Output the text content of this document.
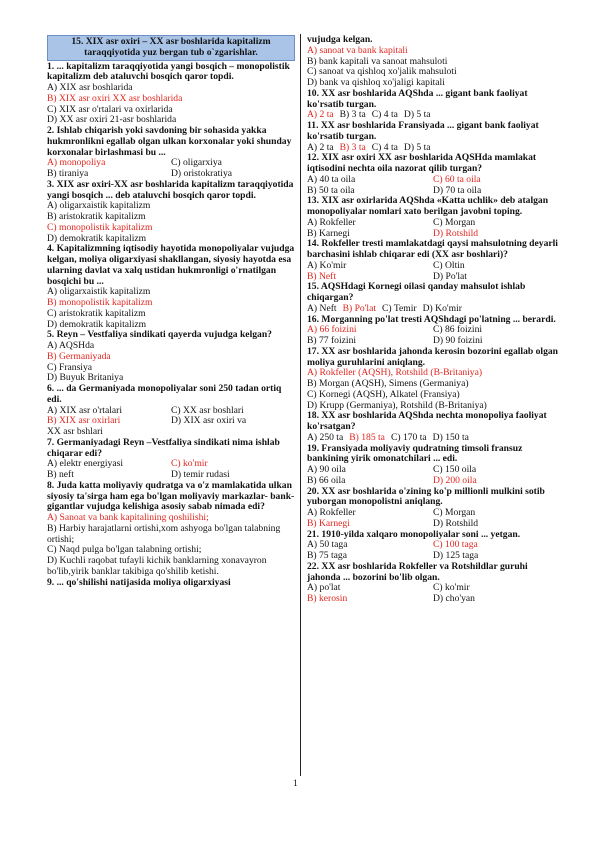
15. XIX asr oxiri – XX asr boshlarida kapitalizm
taraqqiyotida yuz bergan tub o`zgarishlar.
1. ... kapitalizm taraqqiyotida yangi bosqich – monopolistik kapitalizm deb ataluvchi bosqich qaror topdi.
A) XIX asr boshlarida
B) XIX asr oxiri XX asr boshlarida
C) XIX asr o'rtalari va oxirlarida
D) XX asr oxiri 21-asr boshlarida
2. Ishlab chiqarish yoki savdoning bir sohasida yakka hukmronlikni egallab olgan ulkan korxonalar yoki shunday korxonalar birlashmasi bu ...
A) monopoliya	C) oligarxiya
B) tiraniya	D) oristokratiya
3. XIX asr oxiri-XX asr boshlarida kapitalizm taraqqiyotida yangi bosqich ... deb ataluvchi bosqich qaror topdi.
A) oligarxaistik kapitalizm
B) aristokratik kapitalizm
C) monopolistik kapitalizm
D) demokratik kapitalizm
4. Kapitalizmning iqtisodiy hayotida monopoliyalar vujudga kelgan, moliya oligarxiyasi shakllangan, siyosiy hayotda esa ularning davlat va xalq ustidan hukmronligi o'rnatilgan bosqichi bu ...
A) oligarxaistik kapitalizm
B) monopolistik kapitalizm
C) aristokratik kapitalizm
D) demokratik kapitalizm
5. Reyn – Vestfaliya sindikati qayerda vujudga kelgan?
A) AQSHda
B) Germaniyada
C) Fransiya
D) Buyuk Britaniya
6. ... da Germaniyada monopoliyalar soni 250 tadan ortiq edi.
A) XIX asr o'rtalari	C) XX asr boshlari
B) XIX asr oxirlari	D) XIX asr oxiri va
XX asr bshlari
7. Germaniyadagi Reyn –Vestfaliya sindikati nima ishlab chiqarar edi?
A) elektr energiyasi	C) ko'mir
B) neft	D) temir rudasi
8. Juda katta moliyaviy qudratga va o'z mamlakatida ulkan siyosiy ta'sirga ham ega bo'lgan moliyaviy markazlar- bank-gigantlar vujudga kelishiga asosiy sabab nimada edi?
A) Sanoat va bank kapitalining qoshilishi;
B) Harbiy harajatlarni ortishi,xom ashyoga bo'lgan talabning ortishi;
C) Naqd pulga bo'lgan talabning ortishi;
D) Kuchli raqobat tufayli kichik banklarning xonavayron bo'lib,yirik banklar takibiga qo'shilib ketishi.
9. ... qo'shilishi natijasida moliya oligarxiyasi
vujudga kelgan.
A) sanoat va bank kapitali
B) bank kapitali va sanoat mahsuloti
C) sanoat va qishloq xo'jalik mahsuloti
D) bank va qishloq xo'jaligi kapitali
10. XX asr boshlarida AQShda ... gigant bank faoliyat ko'rsatib turgan.
A) 2 ta B) 3 ta C) 4 ta D) 5 ta
11. XX asr boshlarida Fransiyada ... gigant bank faoliyat ko'rsatib turgan.
A) 2 ta B) 3 ta C) 4 ta D) 5 ta
12. XIX asr oxiri XX asr boshlarida AQSHda mamlakat iqtisodini nechta oila nazorat qilib turgan?
A) 40 ta oila	C) 60 ta oila
B) 50 ta oila	D) 70 ta oila
13. XIX asr oxirlarida AQShda «Katta uchlik» deb atalgan monopoliyalar nomlari xato berilgan javobni toping.
A) Rokfeller	C) Morgan
B) Karnegi	D) Rotshild
14. Rokfeller tresti mamlakatdagi qaysi mahsulotning deyarli barchasini ishlab chiqarar edi (XX asr boshlari)?
A) Ko'mir	C) Oltin
B) Neft	D) Po'lat
15. AQSHdagi Kornegi oilasi qanday mahsulot ishlab chiqargan?
A) Neft B) Po'lat C) Temir D) Ko'mir
16. Morganning po'lat tresti AQShdagi po'latning ... berardi.
A) 66 foizini	C) 86 foizini
B) 77 foizini	D) 90 foizini
17. XX asr boshlarida jahonda kerosin bozorini egallab olgan moliya guruhlarini aniqlang.
A) Rokfeller (AQSH), Rotshild (B-Britaniya)
B) Morgan (AQSH), Simens (Germaniya)
C) Kornegi (AQSH), Alkatel (Fransiya)
D) Krupp (Germaniya), Rotshild (B-Britaniya)
18. XX asr boshlarida AQShda nechta monopoliya faoliyat ko'rsatgan?
A) 250 ta B) 185 ta C) 170 ta D) 150 ta
19. Fransiyada moliyaviy qudratning timsoli fransuz bankining yirik omonatchilari ... edi.
A) 90 oila	C) 150 oila
B) 66 oila	D) 200 oila
20. XX asr boshlarida o'zining ko'p millionli mulkini sotib yuborgan monopolistni aniqlang.
A) Rokfeller	C) Morgan
B) Karnegi	D) Rotshild
21. 1910-yilda xalqaro monopoliyalar soni ... yetgan.
A) 50 taga	C) 100 taga
B) 75 taga	D) 125 taga
22. XX asr boshlarida Rokfeller va Rotshildlar guruhi jahonda ... bozorini bo'lib olgan.
A) po'lat	C) ko'mir
B) kerosin	D) cho'yan
1
